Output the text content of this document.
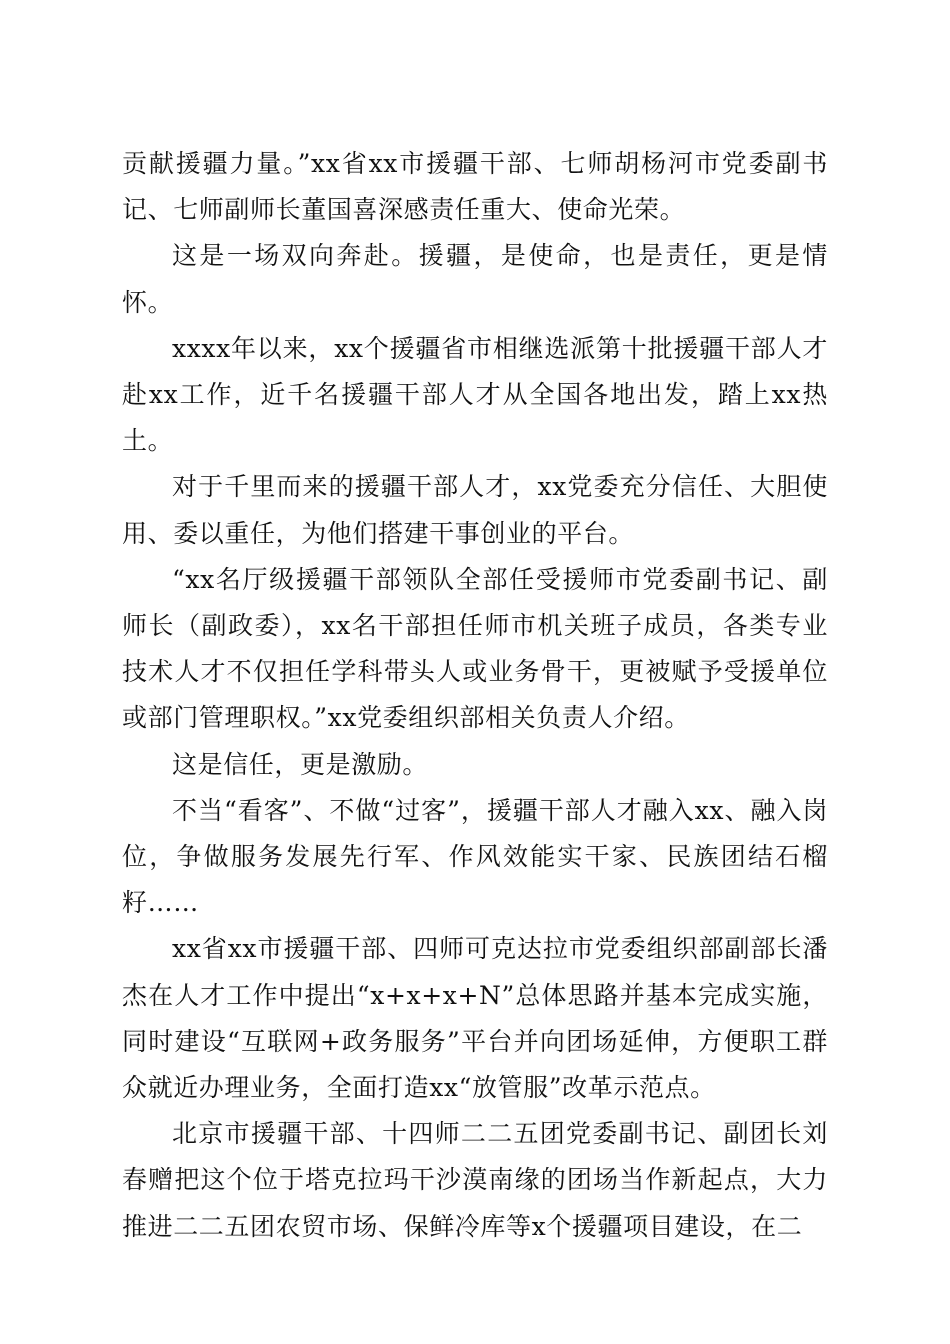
贡献援疆力量。”xx省xx市援疆干部、七师胡杨河市党委副书记、七师副师长董国喜深感责任重大、使命光荣。

这是一场双向奔赴。援疆，是使命，也是责任，更是情怀。

xxxx年以来，xx个援疆省市相继选派第十批援疆干部人才赴xx工作，近千名援疆干部人才从全国各地出发，踏上xx热土。

对于千里而来的援疆干部人才，xx党委充分信任、大胆使用、委以重任，为他们搭建干事创业的平台。

“xx名厅级援疆干部领队全部任受援师市党委副书记、副师长（副政委），xx名干部担任师市机关班子成员，各类专业技术人才不仅担任学科带头人或业务骨干，更被赋予受援单位或部门管理职权。”xx党委组织部相关负责人介绍。

这是信任，更是激励。

不当“看客”、不做“过客”，援疆干部人才融入xx、融入岗位，争做服务发展先行军、作风效能实干家、民族团结石榴籽……

xx省xx市援疆干部、四师可克达拉市党委组织部副部长潘杰在人才工作中提出“x+x+x+N”总体思路并基本完成实施，同时建设“互联网+政务服务”平台并向团场延伸，方便职工群众就近办理业务，全面打造xx“放管服”改革示范点。

北京市援疆干部、十四师二二五团党委副书记、副团长刘春赠把这个位于塔克拉玛干沙漠南缘的团场当作新起点，大力推进二二五团农贸市场、保鲜冷库等x个援疆项目建设，在二
